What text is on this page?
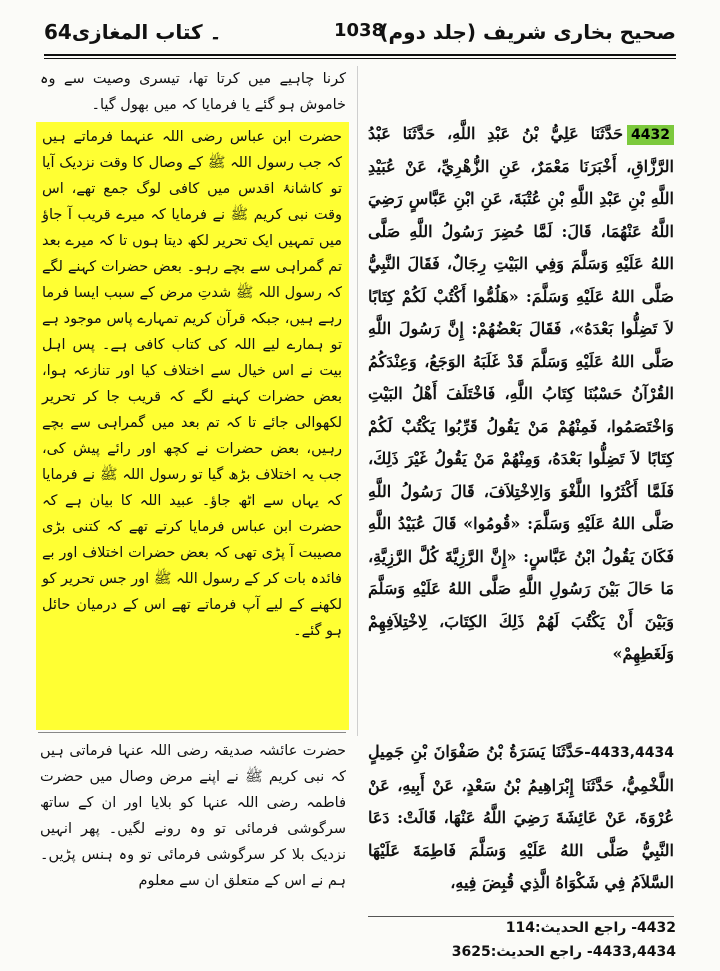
64۔ کتاب المغازی	1038
صحيح بخاری شريف (جلد دوم)
کرنا چاہیے میں کرتا تھا، تیسری وصیت سے وہ خاموش ہو گئے یا فرمایا کہ میں بھول گیا۔
حضرت ابن عباس رضی اللہ عنہما فرماتے ہیں کہ جب رسول اللہ ﷺ کے وصال کا وقت نزدیک آیا تو کاشانۂ اقدس میں کافی لوگ جمع تھے، اس وقت نبی کریم ﷺ نے فرمایا کہ میرے قریب آ جاؤ میں تمہیں ایک تحریر لکھ دیتا ہوں تا کہ میرے بعد تم گمراہی سے بچے رہو۔ بعض حضرات کہنے لگے کہ رسول اللہ ﷺ شدتِ مرض کے سبب ایسا فرما رہے ہیں، جبکہ قرآن کریم تمہارے پاس موجود ہے تو ہمارے لیے اللہ کی کتاب کافی ہے۔ پس اہل بیت نے اس خیال سے اختلاف کیا اور تنازعہ ہوا، بعض حضرات کہنے لگے کہ قریب جا کر تحریر لکھوالی جائے تا کہ تم بعد میں گمراہی سے بچے رہیں، بعض حضرات نے کچھ اور رائے پیش کی، جب یہ اختلاف بڑھ گیا تو رسول اللہ ﷺ نے فرمایا کہ یہاں سے اٹھ جاؤ۔ عبید اللہ کا بیان ہے کہ حضرت ابن عباس فرمایا کرتے تھے کہ کتنی بڑی مصیبت آ پڑی تھی کہ بعض حضرات اختلاف اور بے فائدہ بات کر کے رسول اللہ ﷺ اور جس تحریر کو لکھنے کے لیے آپ فرماتے تھے اس کے درمیان حائل ہو گئے۔
4432حَدَّثَنَا عَلِيُّ بْنُ عَبْدِ اللَّهِ، حَدَّثَنَا عَبْدُ الرَّزَّاقِ، أَخْبَرَنَا مَعْمَرٌ، عَنِ الزُّهْرِيِّ، عَنْ عُبَيْدِ اللَّهِ بْنِ عَبْدِ اللَّهِ بْنِ عُتْبَةَ، عَنِ ابْنِ عَبَّاسٍ رَضِيَ اللَّهُ عَنْهُمَا، قَالَ: لَمَّا حُضِرَ رَسُولُ اللَّهِ صَلَّى اللهُ عَلَيْهِ وَسَلَّمَ وَفِي البَيْتِ رِجَالٌ، فَقَالَ النَّبِيُّ صَلَّى اللهُ عَلَيْهِ وَسَلَّمَ: «هَلُمُّوا أَكْتُبْ لَكُمْ كِتَابًا لاَ تَضِلُّوا بَعْدَهُ»، فَقَالَ بَعْضُهُمْ: إِنَّ رَسُولَ اللَّهِ صَلَّى اللهُ عَلَيْهِ وَسَلَّمَ قَدْ غَلَبَهُ الوَجَعُ، وَعِنْدَكُمُ القُرْآنُ حَسْبُنَا كِتَابُ اللَّهِ، فَاخْتَلَفَ أَهْلُ البَيْتِ وَاخْتَصَمُوا، فَمِنْهُمْ مَنْ يَقُولُ قَرِّبُوا يَكْتُبْ لَكُمْ كِتَابًا لاَ تَضِلُّوا بَعْدَهُ، وَمِنْهُمْ مَنْ يَقُولُ غَيْرَ ذَلِكَ، فَلَمَّا أَكْثَرُوا اللَّغْوَ وَالِاخْتِلاَفَ، قَالَ رَسُولُ اللَّهِ صَلَّى اللهُ عَلَيْهِ وَسَلَّمَ: «قُومُوا» قَالَ عُبَيْدُ اللَّهِ فَكَانَ يَقُولُ ابْنُ عَبَّاسٍ: «إِنَّ الرَّزِيَّةَ كُلَّ الرَّزِيَّةِ، مَا حَالَ بَيْنَ رَسُولِ اللَّهِ صَلَّى اللهُ عَلَيْهِ وَسَلَّمَ وَبَيْنَ أَنْ يَكْتُبَ لَهُمْ ذَلِكَ الكِتَابَ، لِاخْتِلاَفِهِمْ وَلَغَطِهِمْ»
حضرت عائشہ صدیقہ رضی اللہ عنہا فرماتی ہیں کہ نبی کریم ﷺ نے اپنے مرض وصال میں حضرت فاطمہ رضی اللہ عنہا کو بلایا اور ان کے ساتھ سرگوشی فرمائی تو وہ رونے لگیں۔ پھر انہیں نزدیک بلا کر سرگوشی فرمائی تو وہ ہنس پڑیں۔ ہم نے اس کے متعلق ان سے معلوم
4433,4434-حَدَّثَنَا يَسَرَةُ بْنُ صَفْوَانَ بْنِ جَمِيلٍ اللَّخْمِيُّ، حَدَّثَنَا إِبْرَاهِيمُ بْنُ سَعْدٍ، عَنْ أَبِيهِ، عَنْ عُرْوَةَ، عَنْ عَائِشَةَ رَضِيَ اللَّهُ عَنْهَا، قَالَتْ: دَعَا النَّبِيُّ صَلَّى اللهُ عَلَيْهِ وَسَلَّمَ فَاطِمَةَ عَلَيْهَا السَّلاَمُ فِي شَكْوَاهُ الَّذِي قُبِضَ فِيهِ،
4432- راجع الحدیث:114
4433,4434- راجع الحدیث:3625
